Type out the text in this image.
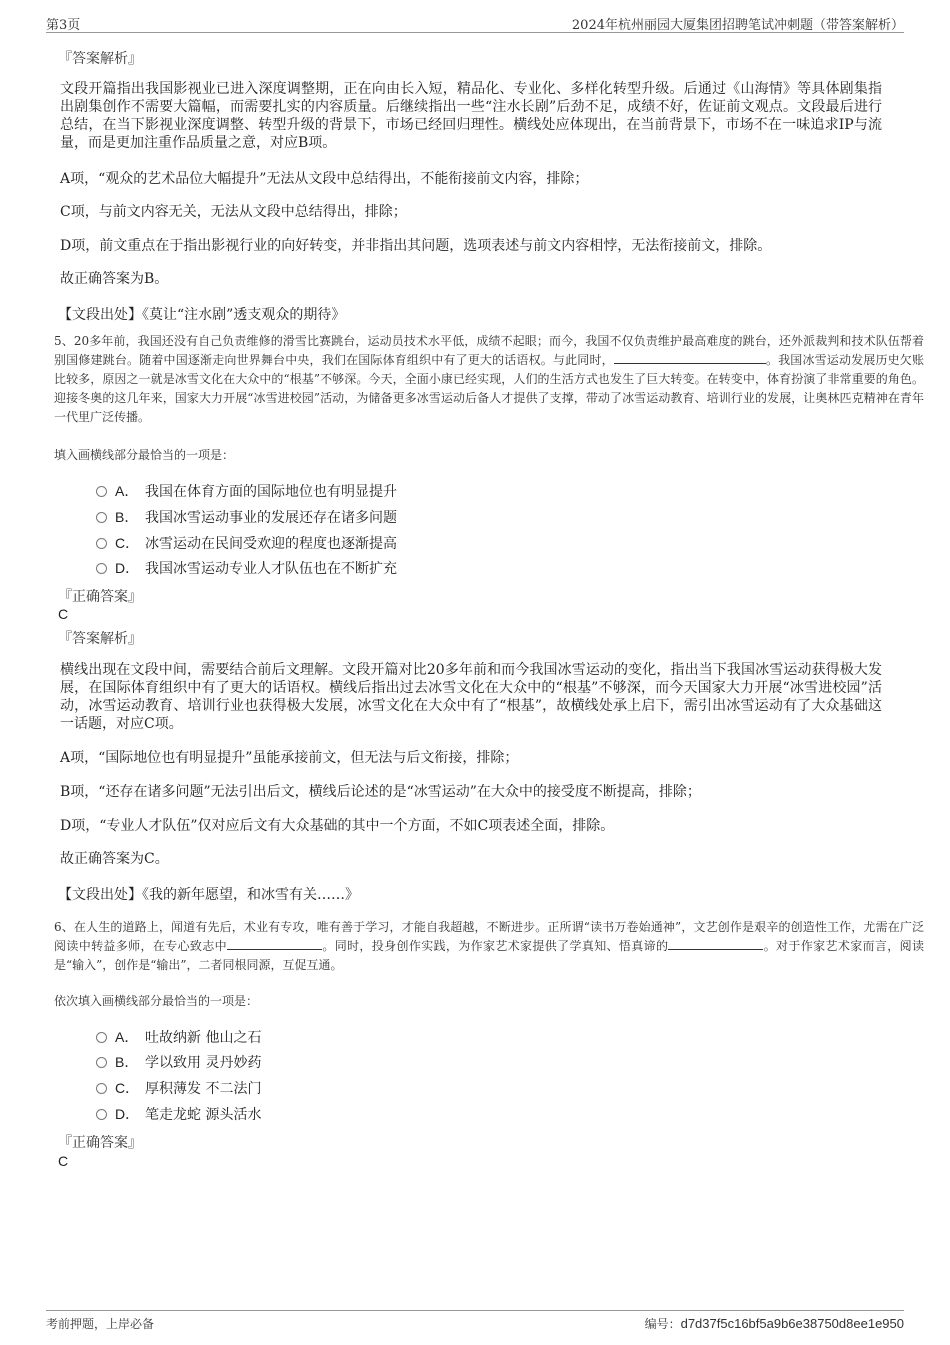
第3页	2024年杭州丽园大厦集团招聘笔试冲刺题（带答案解析）
『答案解析』

文段开篇指出我国影视业已进入深度调整期，正在向由长入短，精品化、专业化、多样化转型升级。后通过《山海情》等具体剧集指出剧集创作不需要大篇幅，而需要扎实的内容质量。后继续指出一些“注水长剧”后劲不足，成绩不好，佐证前文观点。文段最后进行总结，在当下影视业深度调整、转型升级的背景下，市场已经回归理性。横线处应体现出，在当前背景下，市场不在一味追求IP与流量，而是更加注重作品质量之意，对应B项。

A项，“观众的艺术品位大幅提升”无法从文段中总结得出，不能衔接前文内容，排除；

C项，与前文内容无关，无法从文段中总结得出，排除；

D项，前文重点在于指出影视行业的向好转变，并非指出其问题，选项表述与前文内容相悖，无法衔接前文，排除。

故正确答案为B。

【文段出处】《莫让“注水剧”透支观众的期待》

5、20多年前，我国还没有自己负责维修的滑雪比赛跳台，运动员技术水平低，成绩不起眼；而今，我国不仅负责维护最高难度的跳台，还外派裁判和技术队伍帮着别国修建跳台。随着中国逐渐走向世界舞台中央，我们在国际体育组织中有了更大的话语权。与此同时，	。我国冰雪运动发展历史欠账比较多，原因之一就是冰雪文化在大众中的“根基”不够深。今天，全面小康已经实现，人们的生活方式也发生了巨大转变。在转变中，体育扮演了非常重要的角色。迎接冬奥的这几年来，国家大力开展“冰雪进校园”活动，为储备更多冰雪运动后备人才提供了支撑，带动了冰雪运动教育、培训行业的发展，让奥林匹克精神在青年一代里广泛传播。

填入画横线部分最恰当的一项是：
A． 我国在体育方面的国际地位也有明显提升
B． 我国冰雪运动事业的发展还存在诸多问题
C． 冰雪运动在民间受欢迎的程度也逐渐提高
D． 我国冰雪运动专业人才队伍也在不断扩充
『正确答案』
C
『答案解析』

横线出现在文段中间，需要结合前后文理解。文段开篇对比20多年前和而今我国冰雪运动的变化，指出当下我国冰雪运动获得极大发展，在国际体育组织中有了更大的话语权。横线后指出过去冰雪文化在大众中的“根基”不够深，而今天国家大力开展“冰雪进校园”活动，冰雪运动教育、培训行业也获得极大发展，冰雪文化在大众中有了“根基”，故横线处承上启下，需引出冰雪运动有了大众基础这一话题，对应C项。

A项，“国际地位也有明显提升”虽能承接前文，但无法与后文衔接，排除；

B项，“还存在诸多问题”无法引出后文，横线后论述的是“冰雪运动”在大众中的接受度不断提高，排除；

D项，“专业人才队伍”仅对应后文有大众基础的其中一个方面，不如C项表述全面，排除。

故正确答案为C。

【文段出处】《我的新年愿望，和冰雪有关……》

6、在人生的道路上，闻道有先后，术业有专攻，唯有善于学习，才能自我超越，不断进步。正所谓“读书万卷始通神”，文艺创作是艰辛的创造性工作，尤需在广泛阅读中转益多师，在专心致志中	。同时，投身创作实践，为作家艺术家提供了学真知、悟真谛的	。对于作家艺术家而言，阅读是“输入”，创作是“输出”，二者同根同源，互促互通。

依次填入画横线部分最恰当的一项是：
A． 吐故纳新 他山之石
B． 学以致用 灵丹妙药
C． 厚积薄发 不二法门
D． 笔走龙蛇 源头活水
『正确答案』
C
考前押题，上岸必备	编号：d7d37f5c16bf5a9b6e38750d8ee1e950
